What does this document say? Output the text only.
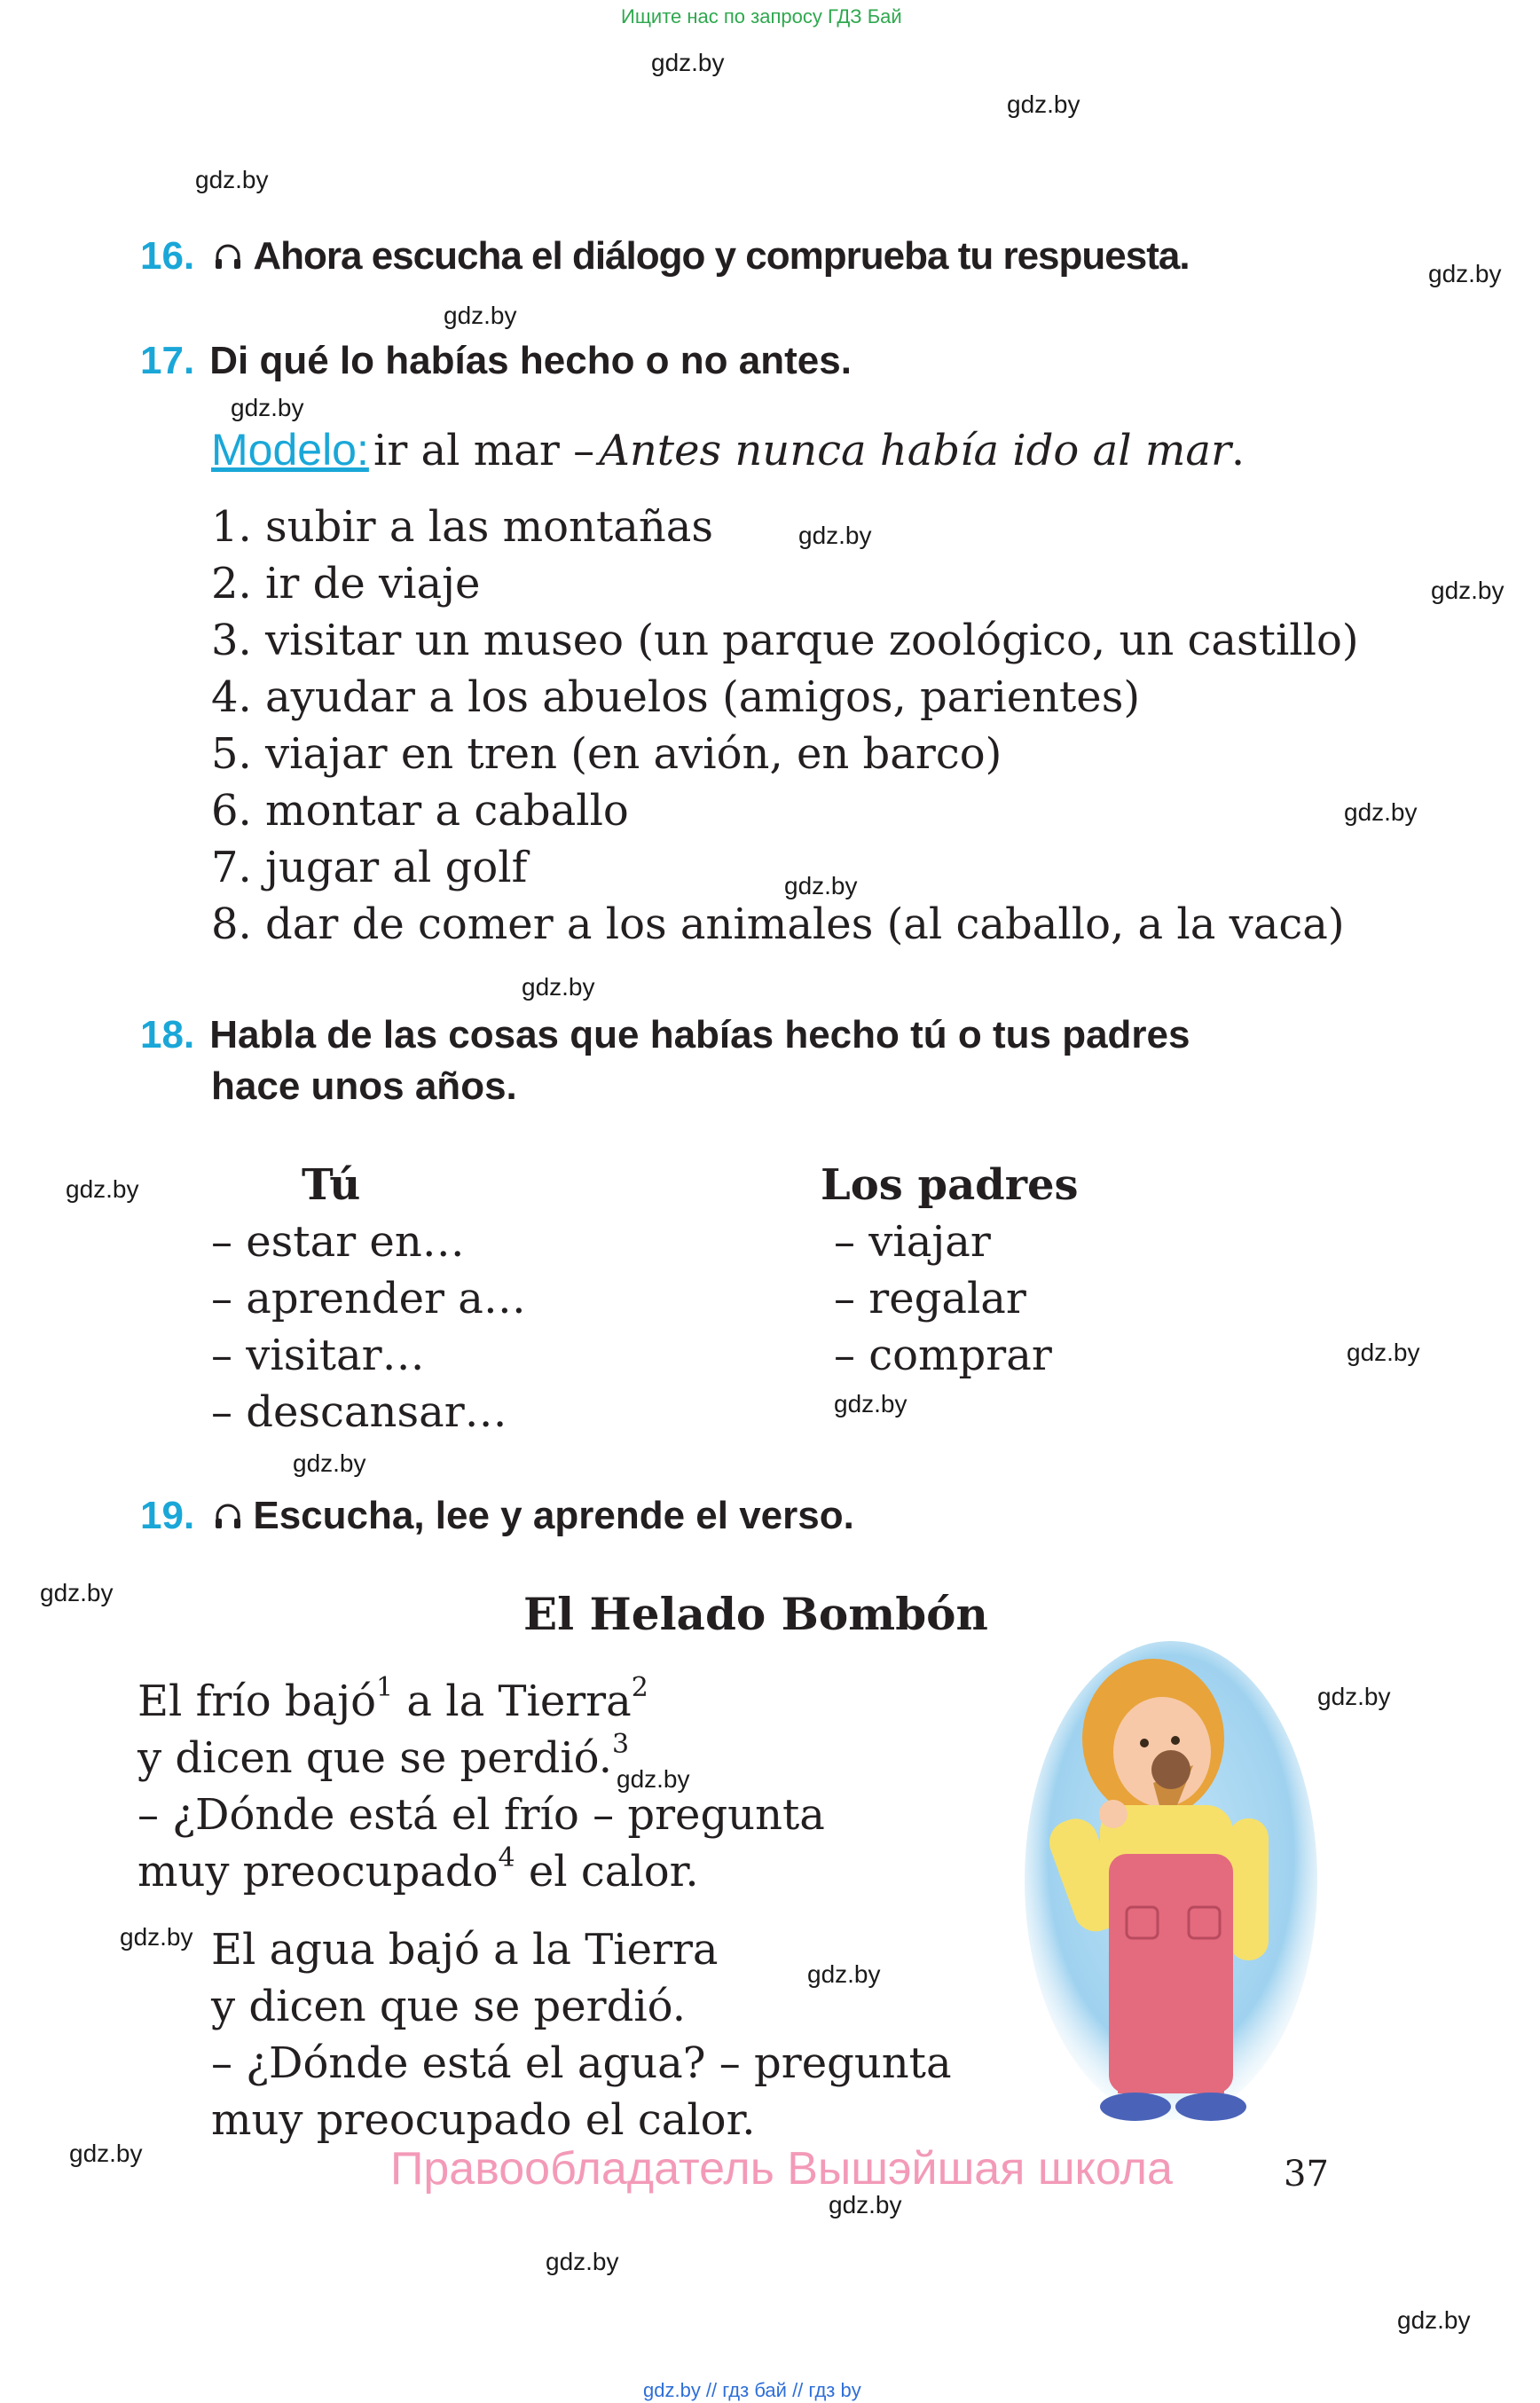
Ищите нас по запросу ГДЗ Бай
gdz.by
gdz.by
gdz.by
gdz.by
gdz.by
gdz.by
gdz.by
gdz.by
gdz.by
gdz.by
gdz.by
gdz.by
gdz.by
gdz.by
gdz.by
gdz.by
gdz.by
gdz.by
gdz.by
gdz.by
gdz.by
gdz.by
gdz.by
gdz.by
16. Ahora escucha el diálogo y comprueba tu respuesta.
17. Di qué lo habías hecho o no antes.
Modelo: ir al mar – Antes nunca había ido al mar.
1. subir a las montañas
2. ir de viaje
3. visitar un museo (un parque zoológico, un castillo)
4. ayudar a los abuelos (amigos, parientes)
5. viajar en tren (en avión, en barco)
6. montar a caballo
7. jugar al golf
8. dar de comer a los animales (al caballo, a la vaca)
18. Habla de las cosas que habías hecho tú o tus padres
hace unos años.
Tú
– estar en…
– aprender a…
– visitar…
– descansar…
Los padres
– viajar
– regalar
– comprar
19. Escucha, lee y aprende el verso.
El Helado Bombón
El frío bajó$^1$ a la Tierra$^2$
y dicen que se perdió.$^3$
– ¿Dónde está el frío – pregunta
muy preocupado$^4$ el calor.
El agua bajó a la Tierra
y dicen que se perdió.
– ¿Dónde está el agua? – pregunta
muy preocupado el calor.
Правообладатель Вышэйшая школа	37
gdz.by // гдз бай // гдз by
